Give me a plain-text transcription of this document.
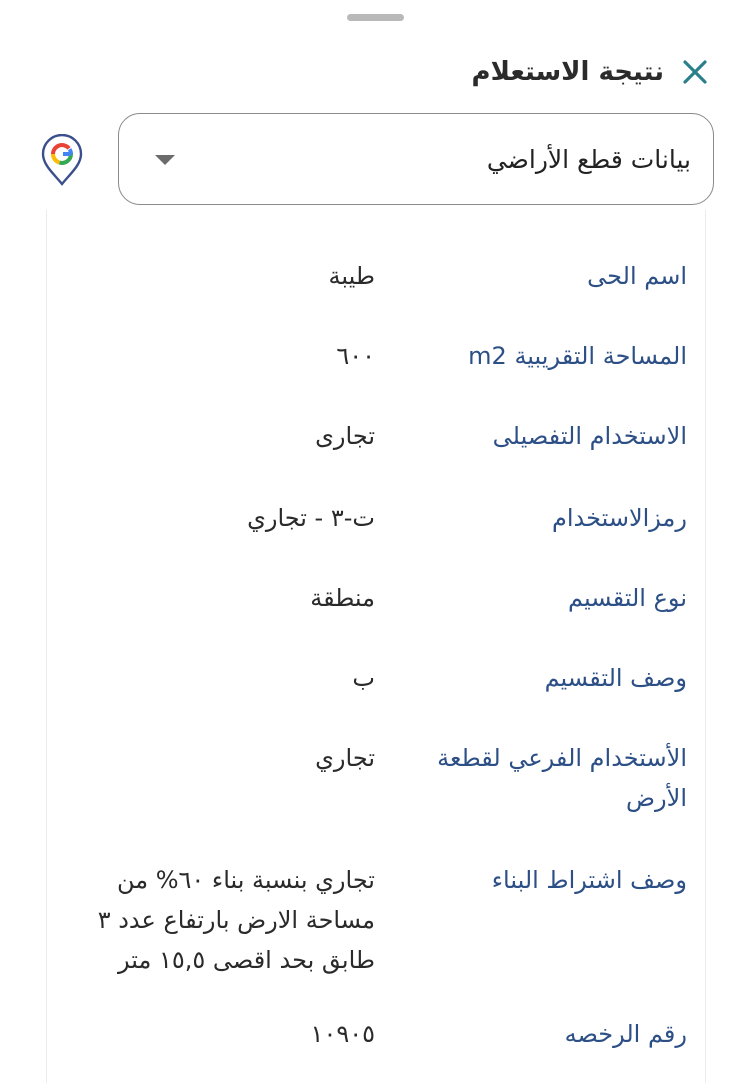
نتيجة الاستعلام
بيانات قطع الأراضي
اسم الحى
طيبة
المساحة التقريبية m2
٦٠٠
الاستخدام التفصيلى
تجارى
رمزالاستخدام
ت-٣ - تجاري
نوع التقسيم
منطقة
وصف التقسيم
ب
الأستخدام الفرعي لقطعة الأرض
تجاري
وصف اشتراط البناء
تجاري بنسبة بناء ٦٠% من مساحة الارض بارتفاع عدد ٣ طابق بحد اقصى ١٥,٥ متر
رقم الرخصه
١٠٩٠٥
